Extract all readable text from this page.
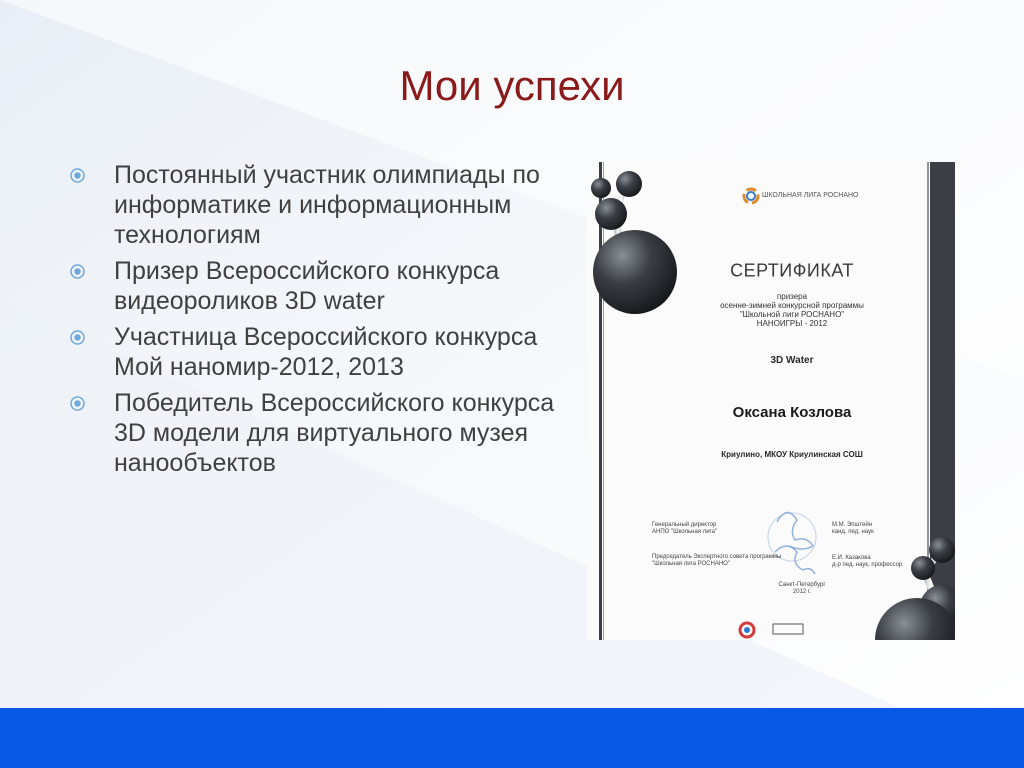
Мои успехи
Постоянный участник олимпиады по информатике и информационным технологиям
Призер Всероссийского конкурса видеороликов 3D water
Участница Всероссийского конкурса Мой наномир-2012, 2013
Победитель Всероссийского конкурса 3D модели для виртуального музея нанообъектов
ШКОЛЬНАЯ ЛИГА РОСНАНО
СЕРТИФИКАТ
призера
осенне-зимней конкурсной программы
"Школьной лиги РОСНАНО"
НАНОИГРЫ - 2012
3D Water
Оксана Козлова
Криулино, МКОУ Криулинская СОШ
Генеральный директор
АНПО "Школьная лига"
М.М. Эпштейн
канд. пед. наук
Председатель Экспертного совета программы
"Школьная лига РОСНАНО"
Е.И. Казакова
д-р пед. наук, профессор
Санкт-Петербург
2012 г.
